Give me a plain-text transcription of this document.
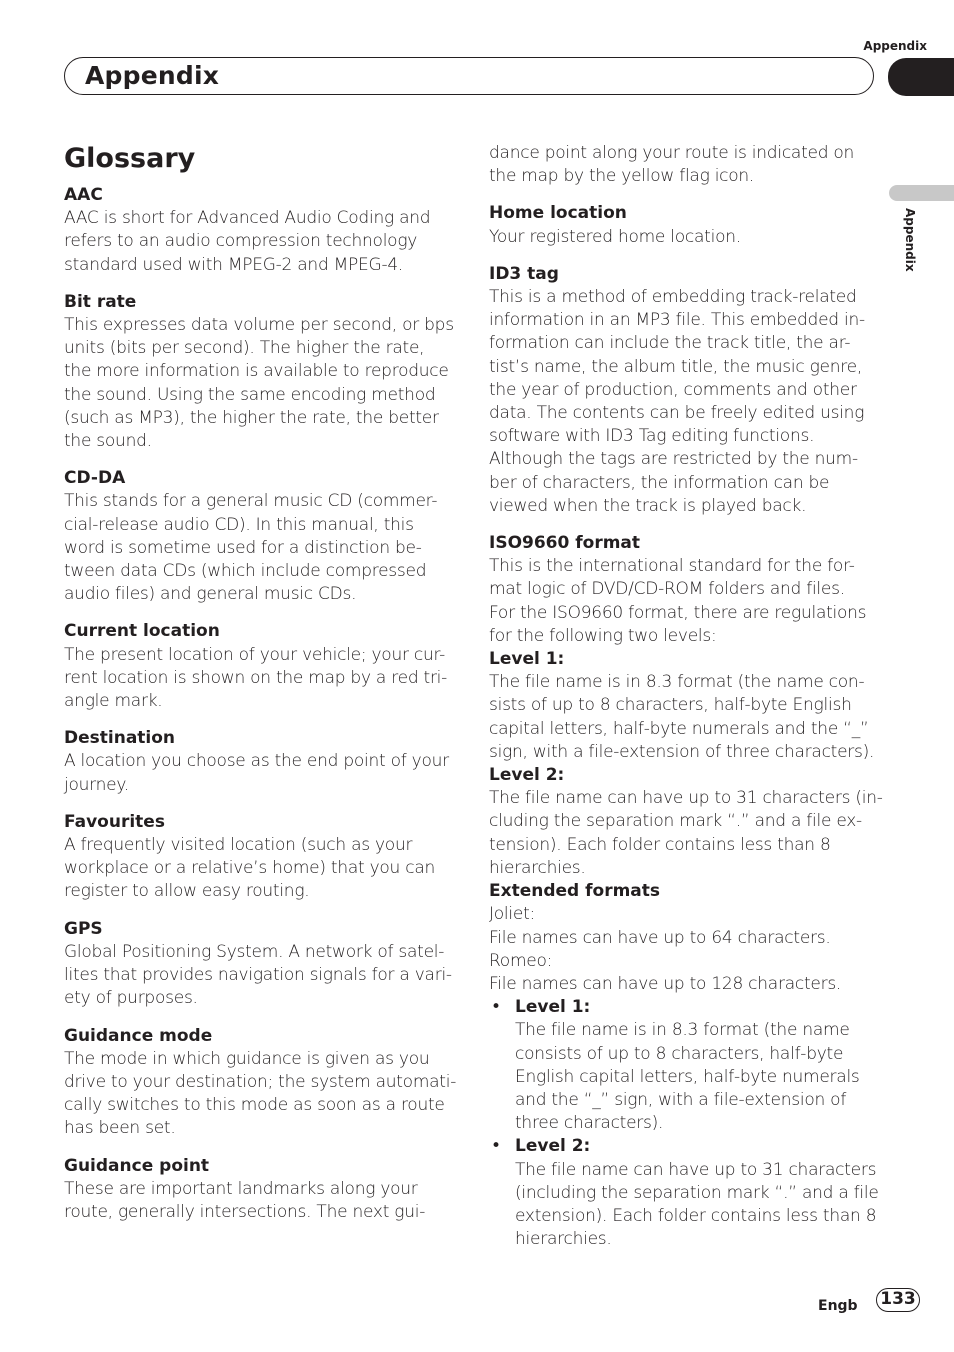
Appendix
Appendix
Appendix
Glossary

AAC

AAC is short for Advanced Audio Coding and
refers to an audio compression technology
standard used with MPEG-2 and MPEG-4.

Bit rate

This expresses data volume per second, or bps
units (bits per second). The higher the rate,
the more information is available to reproduce
the sound. Using the same encoding method
(such as MP3), the higher the rate, the better
the sound.

CD-DA

This stands for a general music CD (commer-
cial-release audio CD). In this manual, this
word is sometime used for a distinction be-
tween data CDs (which include compressed
audio files) and general music CDs.

Current location

The present location of your vehicle; your cur-
rent location is shown on the map by a red tri-
angle mark.

Destination

A location you choose as the end point of your
journey.

Favourites

A frequently visited location (such as your
workplace or a relative’s home) that you can
register to allow easy routing.

GPS

Global Positioning System. A network of satel-
lites that provides navigation signals for a vari-
ety of purposes.

Guidance mode

The mode in which guidance is given as you
drive to your destination; the system automati-
cally switches to this mode as soon as a route
has been set.

Guidance point

These are important landmarks along your
route, generally intersections. The next gui-

dance point along your route is indicated on
the map by the yellow flag icon.

Home location

Your registered home location.

ID3 tag

This is a method of embedding track-related
information in an MP3 file. This embedded in-
formation can include the track title, the ar-
tist’s name, the album title, the music genre,
the year of production, comments and other
data. The contents can be freely edited using
software with ID3 Tag editing functions.
Although the tags are restricted by the num-
ber of characters, the information can be
viewed when the track is played back.

ISO9660 format

This is the international standard for the for-
mat logic of DVD/CD-ROM folders and files.
For the ISO9660 format, there are regulations
for the following two levels:

Level 1:

The file name is in 8.3 format (the name con-
sists of up to 8 characters, half-byte English
capital letters, half-byte numerals and the “_”
sign, with a file-extension of three characters).

Level 2:

The file name can have up to 31 characters (in-
cluding the separation mark “.” and a file ex-
tension). Each folder contains less than 8
hierarchies.

Extended formats

Joliet:
File names can have up to 64 characters.
Romeo:
File names can have up to 128 characters.

• Level 1:

The file name is in 8.3 format (the name
consists of up to 8 characters, half-byte
English capital letters, half-byte numerals
and the “_” sign, with a file-extension of
three characters).

• Level 2:

The file name can have up to 31 characters
(including the separation mark “.” and a file
extension). Each folder contains less than 8
hierarchies.

Engb 133
